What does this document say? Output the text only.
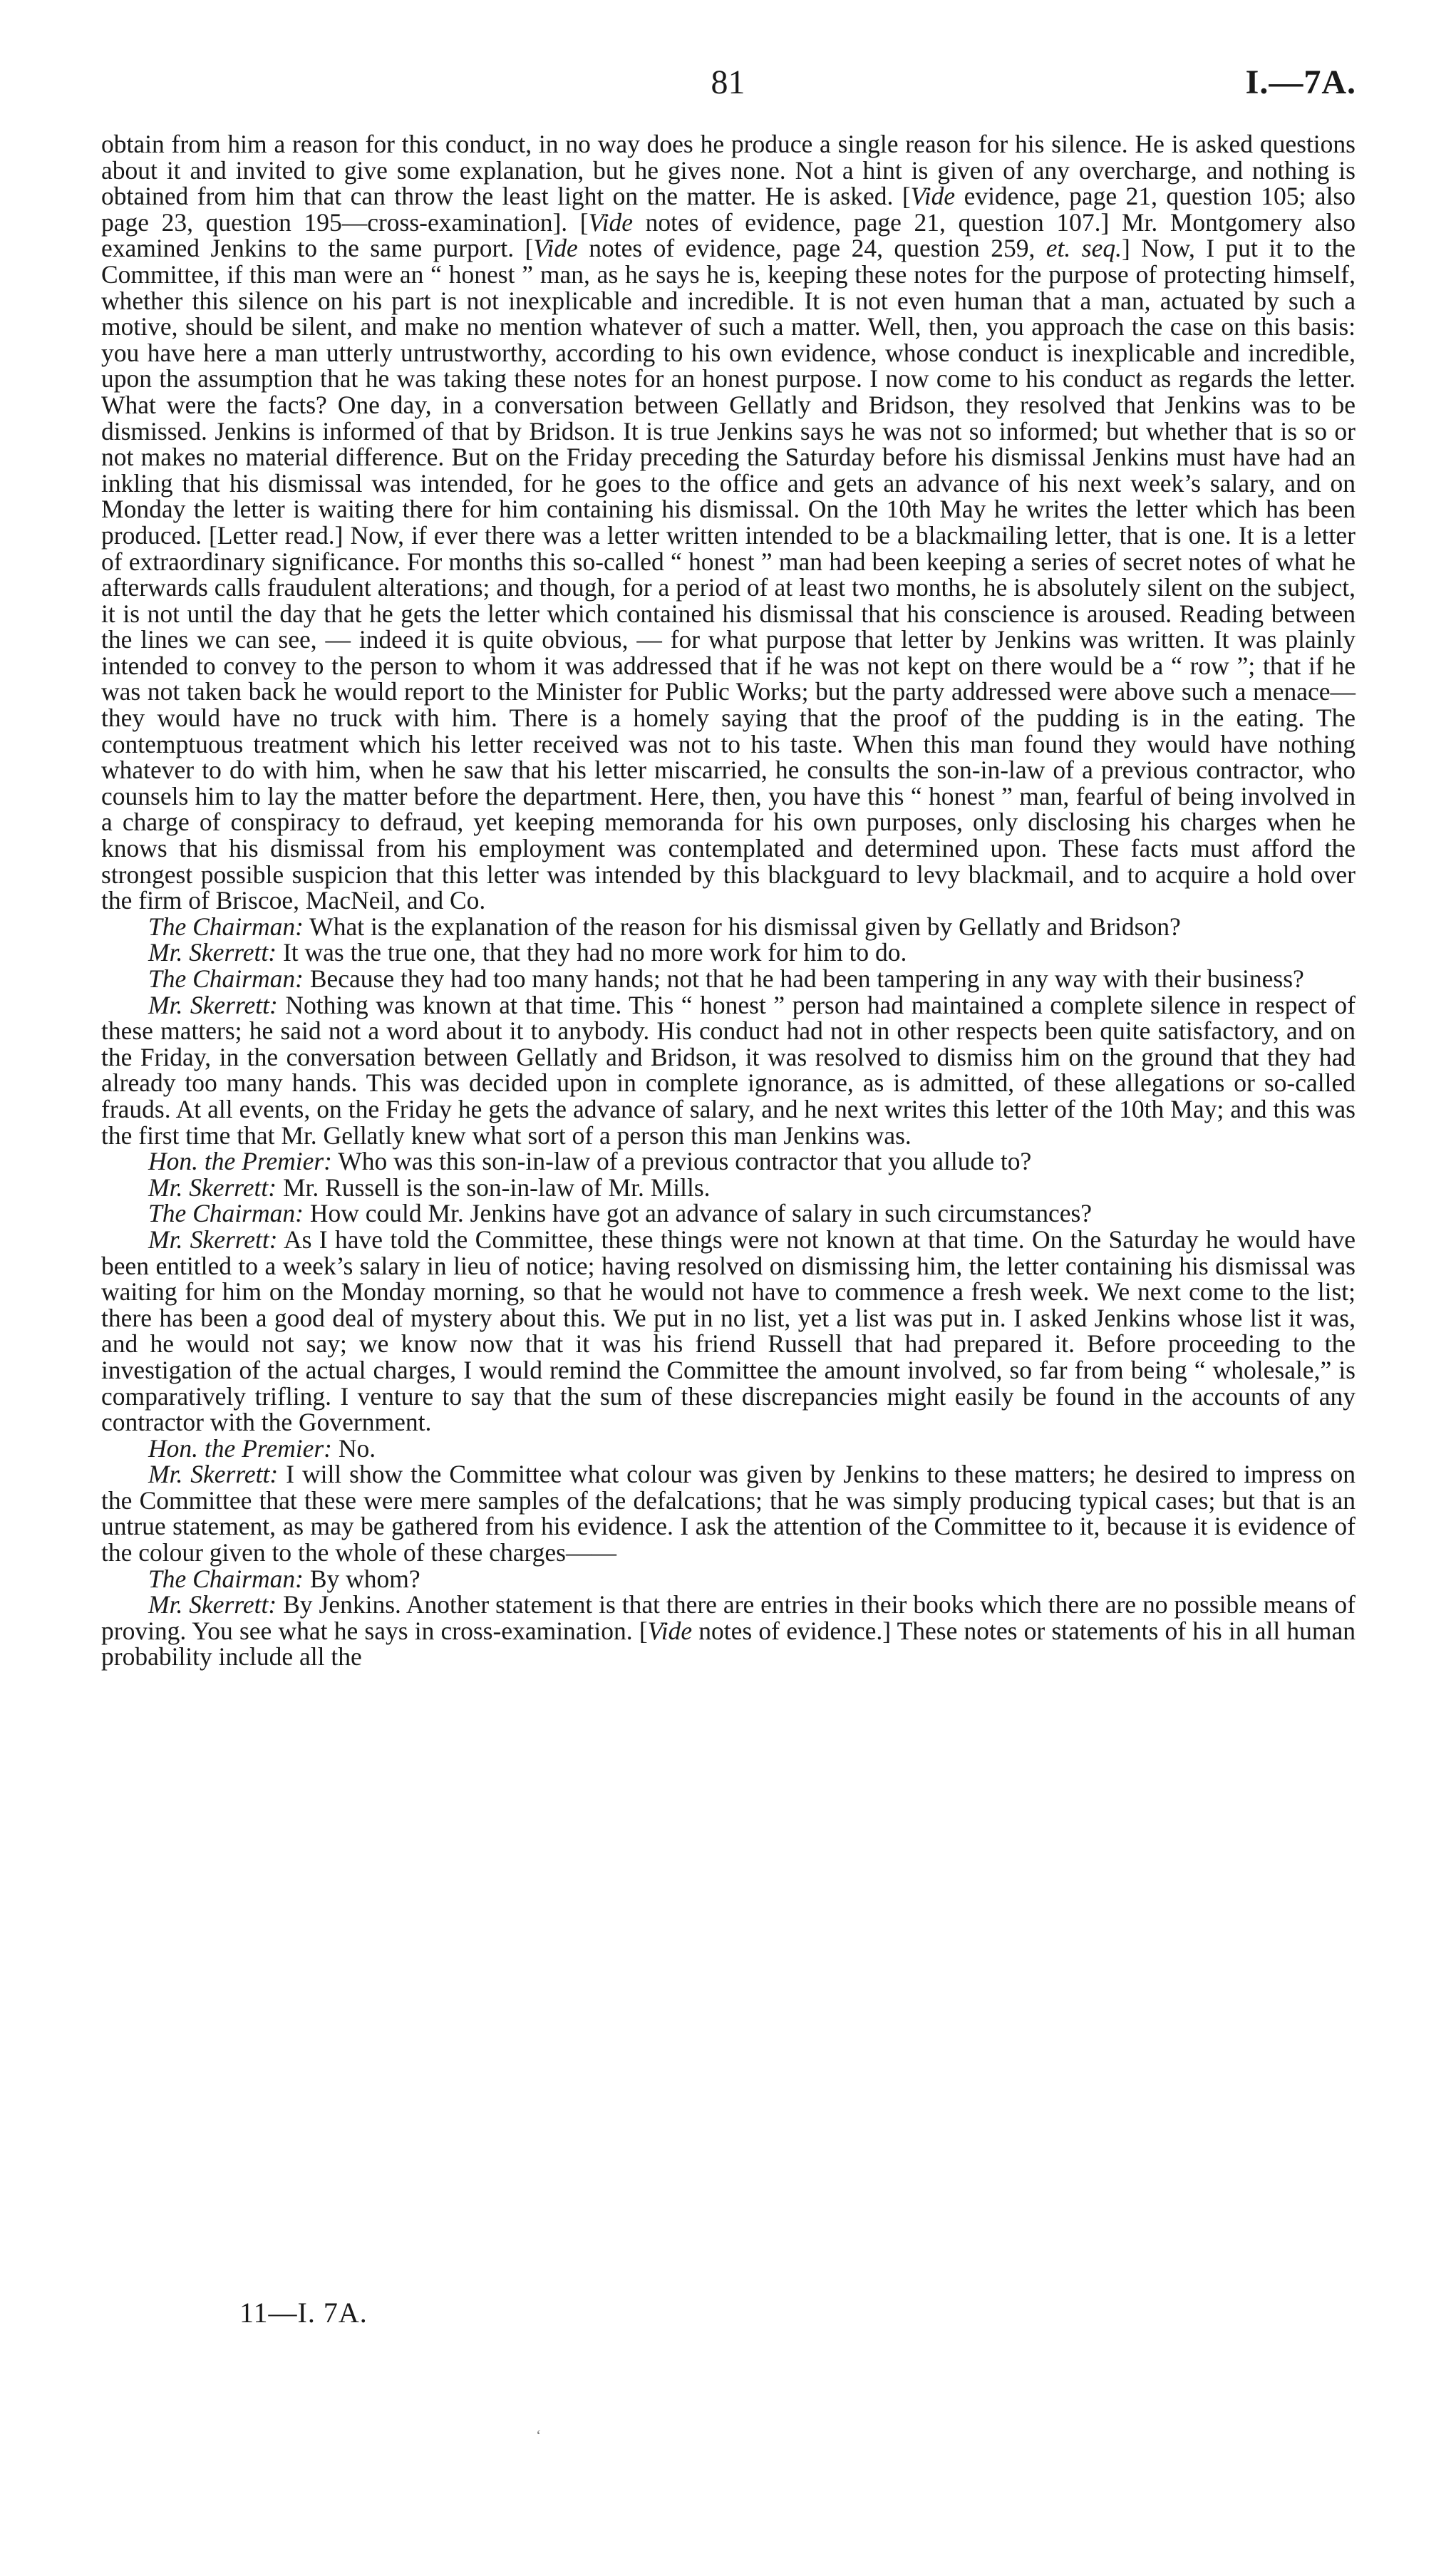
81	I.—7A.

obtain from him a reason for this conduct, in no way does he produce a single reason for his silence. He is asked questions about it and invited to give some explanation, but he gives none. Not a hint is given of any overcharge, and nothing is obtained from him that can throw the least light on the matter. He is asked. [Vide evidence, page 21, question 105; also page 23, question 195—cross-examination]. [Vide notes of evidence, page 21, question 107.] Mr. Montgomery also examined Jenkins to the same purport. [Vide notes of evidence, page 24, question 259, et. seq.] Now, I put it to the Committee, if this man were an “ honest ” man, as he says he is, keeping these notes for the purpose of protecting himself, whether this silence on his part is not inexplicable and incredible. It is not even human that a man, actuated by such a motive, should be silent, and make no mention whatever of such a matter. Well, then, you approach the case on this basis: you have here a man utterly untrustworthy, according to his own evidence, whose conduct is inexplicable and incredible, upon the assumption that he was taking these notes for an honest purpose. I now come to his conduct as regards the letter. What were the facts? One day, in a conversation between Gellatly and Bridson, they resolved that Jenkins was to be dismissed. Jenkins is informed of that by Bridson. It is true Jenkins says he was not so informed; but whether that is so or not makes no material difference. But on the Friday preceding the Saturday before his dismissal Jenkins must have had an inkling that his dismissal was intended, for he goes to the office and gets an advance of his next week’s salary, and on Monday the letter is waiting there for him containing his dismissal. On the 10th May he writes the letter which has been produced. [Letter read.] Now, if ever there was a letter written intended to be a blackmailing letter, that is one. It is a letter of extraordinary significance. For months this so-called “ honest ” man had been keeping a series of secret notes of what he afterwards calls fraudulent alterations; and though, for a period of at least two months, he is absolutely silent on the subject, it is not until the day that he gets the letter which contained his dismissal that his conscience is aroused. Reading between the lines we can see, — indeed it is quite obvious, — for what purpose that letter by Jenkins was written. It was plainly intended to convey to the person to whom it was addressed that if he was not kept on there would be a “ row ”; that if he was not taken back he would report to the Minister for Public Works; but the party addressed were above such a menace—they would have no truck with him. There is a homely saying that the proof of the pudding is in the eating. The contemptuous treatment which his letter received was not to his taste. When this man found they would have nothing whatever to do with him, when he saw that his letter miscarried, he consults the son-in-law of a previous contractor, who counsels him to lay the matter before the department. Here, then, you have this “ honest ” man, fearful of being involved in a charge of conspiracy to defraud, yet keeping memoranda for his own purposes, only disclosing his charges when he knows that his dismissal from his employment was contemplated and determined upon. These facts must afford the strongest possible suspicion that this letter was intended by this blackguard to levy blackmail, and to acquire a hold over the firm of Briscoe, MacNeil, and Co.

The Chairman: What is the explanation of the reason for his dismissal given by Gellatly and Bridson?

Mr. Skerrett: It was the true one, that they had no more work for him to do.

The Chairman: Because they had too many hands; not that he had been tampering in any way with their business?

Mr. Skerrett: Nothing was known at that time. This “ honest ” person had maintained a complete silence in respect of these matters; he said not a word about it to anybody. His conduct had not in other respects been quite satisfactory, and on the Friday, in the conversation between Gellatly and Bridson, it was resolved to dismiss him on the ground that they had already too many hands. This was decided upon in complete ignorance, as is admitted, of these allegations or so-called frauds. At all events, on the Friday he gets the advance of salary, and he next writes this letter of the 10th May; and this was the first time that Mr. Gellatly knew what sort of a person this man Jenkins was.

Hon. the Premier: Who was this son-in-law of a previous contractor that you allude to?

Mr. Skerrett: Mr. Russell is the son-in-law of Mr. Mills.

The Chairman: How could Mr. Jenkins have got an advance of salary in such circumstances?

Mr. Skerrett: As I have told the Committee, these things were not known at that time. On the Saturday he would have been entitled to a week’s salary in lieu of notice; having resolved on dismissing him, the letter containing his dismissal was waiting for him on the Monday morning, so that he would not have to commence a fresh week. We next come to the list; there has been a good deal of mystery about this. We put in no list, yet a list was put in. I asked Jenkins whose list it was, and he would not say; we know now that it was his friend Russell that had prepared it. Before proceeding to the investigation of the actual charges, I would remind the Committee the amount involved, so far from being “ wholesale,” is comparatively trifling. I venture to say that the sum of these discrepancies might easily be found in the accounts of any contractor with the Government.

Hon. the Premier: No.

Mr. Skerrett: I will show the Committee what colour was given by Jenkins to these matters; he desired to impress on the Committee that these were mere samples of the defalcations; that he was simply producing typical cases; but that is an untrue statement, as may be gathered from his evidence. I ask the attention of the Committee to it, because it is evidence of the colour given to the whole of these charges——

The Chairman: By whom?

Mr. Skerrett: By Jenkins. Another statement is that there are entries in their books which there are no possible means of proving. You see what he says in cross-examination. [Vide notes of evidence.] These notes or statements of his in all human probability include all the

11—I. 7A.
‘
